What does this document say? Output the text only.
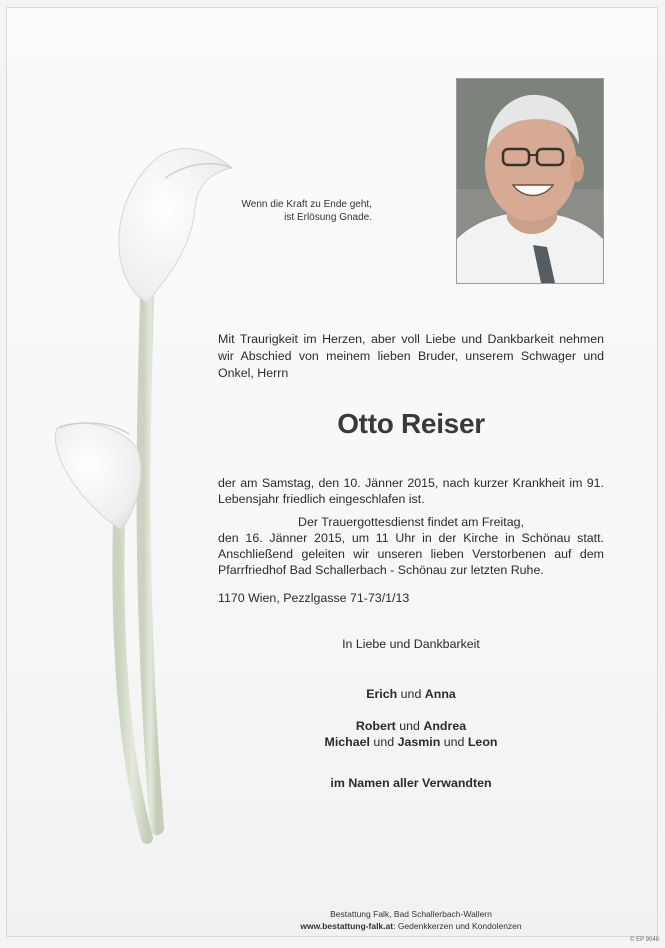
Wenn die Kraft zu Ende geht,
ist Erlösung Gnade.
Mit Traurigkeit im Herzen, aber voll Liebe und Dankbarkeit nehmen wir Abschied von meinem lieben Bruder, unserem Schwager und Onkel, Herrn
Otto Reiser
der am Samstag, den 10. Jänner 2015, nach kurzer Krankheit im 91. Lebensjahr friedlich eingeschlafen ist.
Der Trauergottesdienst findet am Freitag,
den 16. Jänner 2015, um 11 Uhr in der Kirche in Schönau statt. Anschließend geleiten wir unseren lieben Verstorbenen auf dem Pfarrfriedhof Bad Schallerbach - Schönau zur letzten Ruhe.
1170 Wien, Pezzlgasse 71-73/1/13
In Liebe und Dankbarkeit
Erich und Anna
Robert und Andrea
Michael und Jasmin und Leon
im Namen aller Verwandten
Bestattung Falk, Bad Schallerbach-Wallern
www.bestattung-falk.at: Gedenkkerzen und Kondolenzen
© EP 9048
